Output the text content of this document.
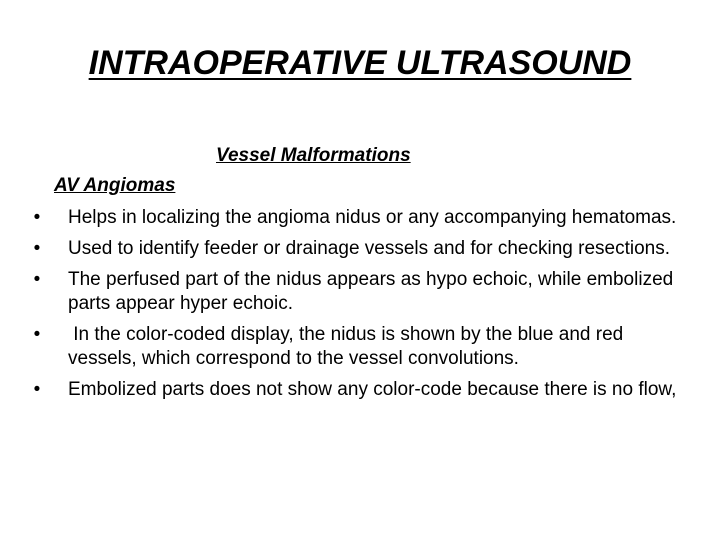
INTRAOPERATIVE ULTRASOUND
Vessel Malformations
AV Angiomas
• Helps in localizing the angioma nidus or any accompanying hematomas.
• Used to identify feeder or drainage vessels and for checking resections.
• The perfused part of the nidus appears as hypo echoic, while embolized parts appear hyper echoic.
• In the color-coded display, the nidus is shown by the blue and red vessels, which correspond to the vessel convolutions.
• Embolized parts does not show any color-code because there is no flow,
